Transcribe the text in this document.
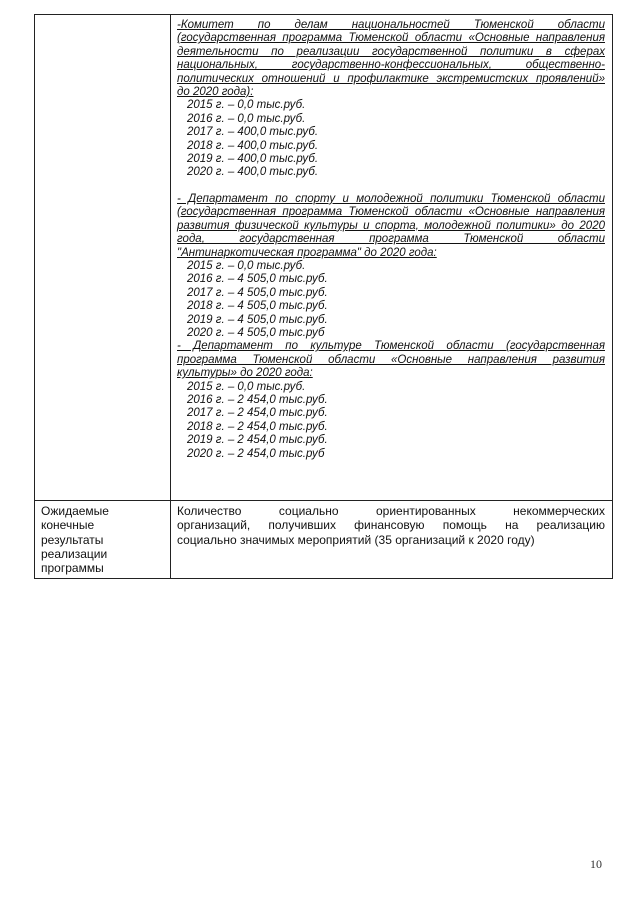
-Комитет по делам национальностей Тюменской области
(государственная программа Тюменской области «Основные направления
деятельности по реализации государственной политики в сферах
национальных, государственно-конфессиональных, общественно-
политических отношений и профилактике экстремистских проявлений»
до 2020 года):
2015 г. – 0,0 тыс.руб.
2016 г. – 0,0 тыс.руб.
2017 г. – 400,0 тыс.руб.
2018 г. – 400,0 тыс.руб.
2019 г. – 400,0 тыс.руб.
2020 г. – 400,0 тыс.руб.
- Департамент по спорту и молодежной политики Тюменской области
(государственная программа Тюменской области «Основные направления
развития физической культуры и спорта, молодежной политики» до 2020
года, государственная программа Тюменской области
"Антинаркотическая программа" до 2020 года:
2015 г. – 0,0 тыс.руб.
2016 г. – 4 505,0 тыс.руб.
2017 г. – 4 505,0 тыс.руб.
2018 г. – 4 505,0 тыс.руб.
2019 г. – 4 505,0 тыс.руб.
2020 г. – 4 505,0 тыс.руб
- Департамент по культуре Тюменской области (государственная
программа Тюменской области «Основные направления развития
культуры» до 2020 года:
2015 г. – 0,0 тыс.руб.
2016 г. – 2 454,0 тыс.руб.
2017 г. – 2 454,0 тыс.руб.
2018 г. – 2 454,0 тыс.руб.
2019 г. – 2 454,0 тыс.руб.
2020 г. – 2 454,0 тыс.руб
Ожидаемые
конечные
результаты
реализации
программы
Количество социально ориентированных некоммерческих
организаций, получивших финансовую помощь на реализацию
социально значимых мероприятий (35 организаций к 2020 году)
10
